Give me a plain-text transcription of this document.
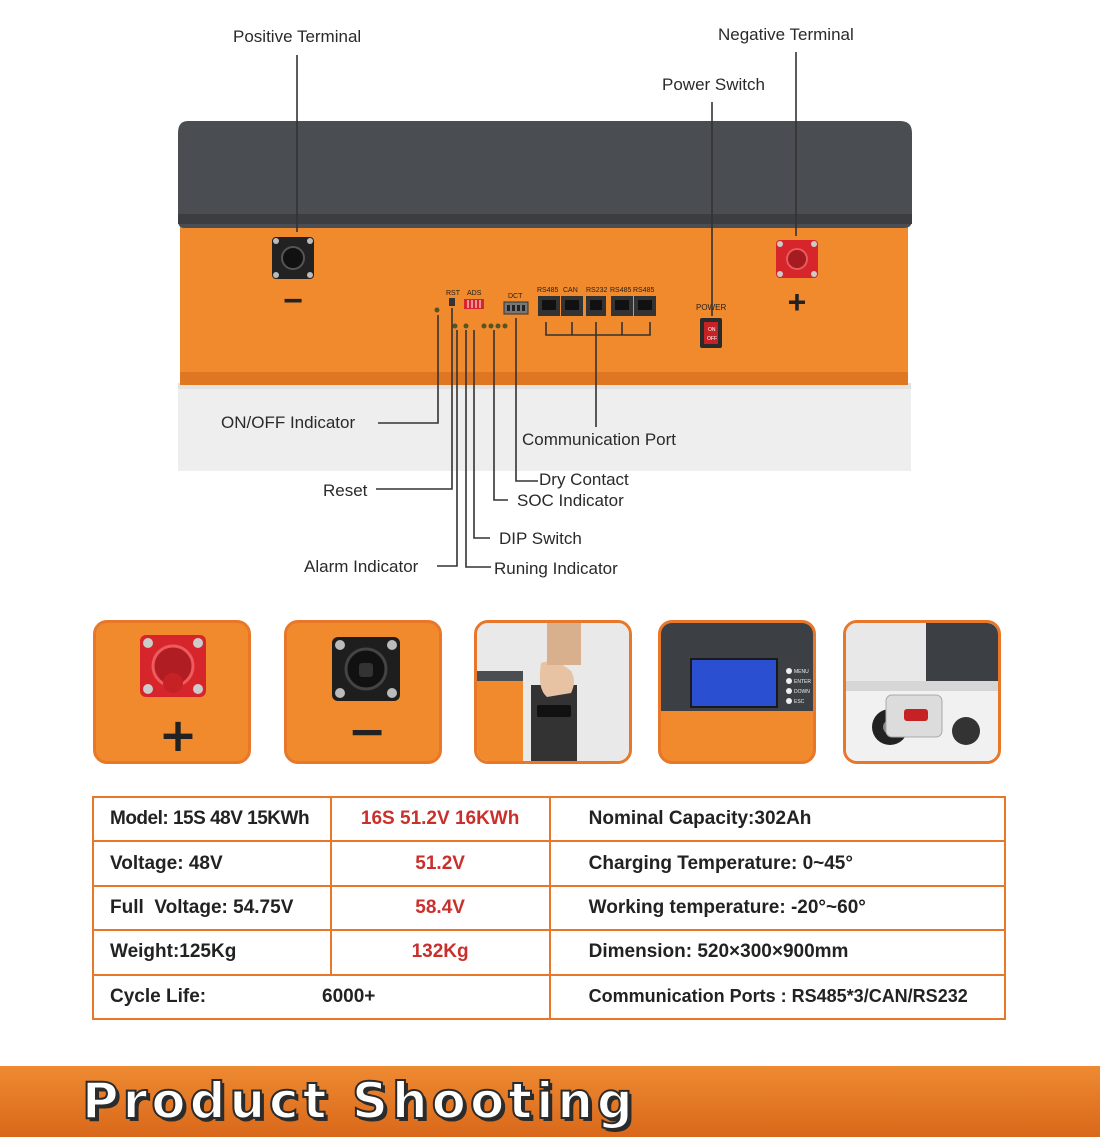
−	+
RST ADS	DCT
RS485 CAN RS232 RS485 RS485
POWER
ON
OFF
Positive Terminal	Negative Terminal
Power Switch
ON/OFF Indicator
Communication Port
Dry Contact
Reset
SOC Indicator
DIP Switch
Alarm Indicator	Runing Indicator
+	−
MENU
ENTER
DOWN
ESC
Model: 15S 48V 15KWh	16S 51.2V 16KWh	Nominal Capacity:302Ah
Voltage: 48V	51.2V	Charging Temperature: 0~45°
Full  Voltage: 54.75V	58.4V	Working temperature: -20°~60°
Weight:125Kg	132Kg	Dimension: 520×300×900mm
Cycle Life: 6000+		Communication Ports : RS485*3/CAN/RS232
Product Shooting
